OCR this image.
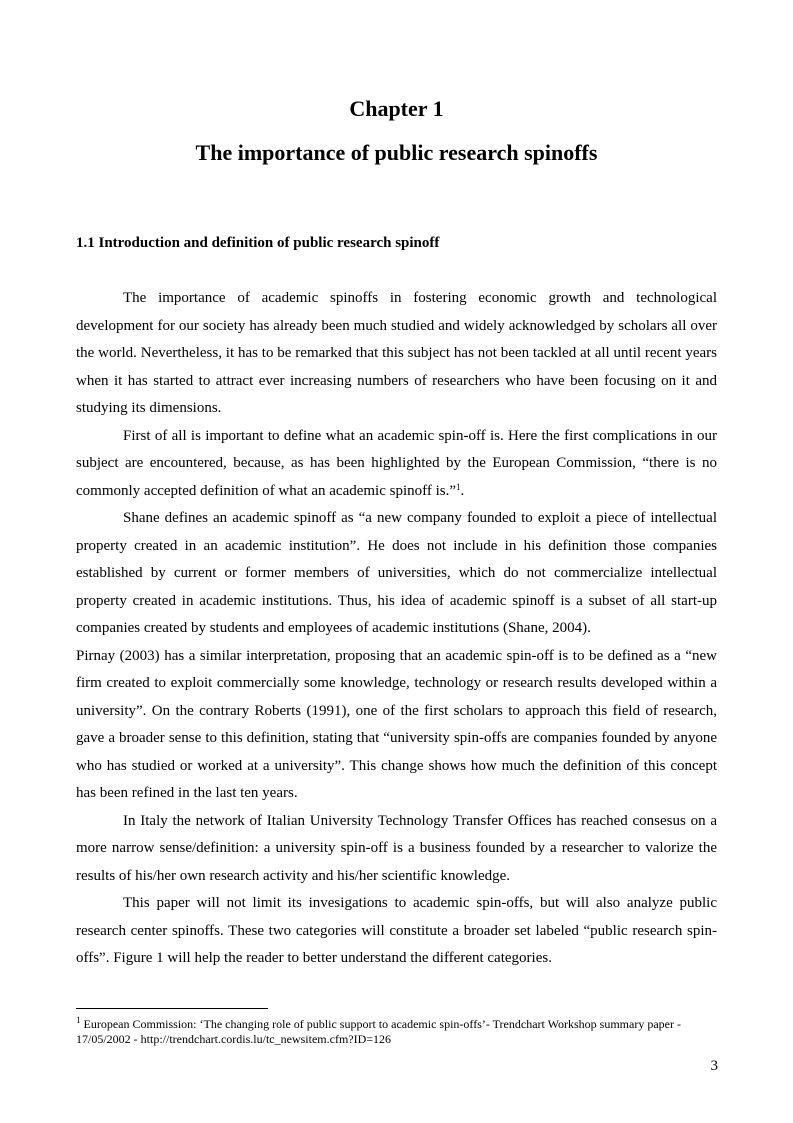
Chapter 1
The importance of public research spinoffs
1.1 Introduction and definition of public research spinoff

The importance of academic spinoffs in fostering economic growth and technological development for our society has already been much studied and widely acknowledged by scholars all over the world. Nevertheless, it has to be remarked that this subject has not been tackled at all until recent years when it has started to attract ever increasing numbers of researchers who have been focusing on it and studying its dimensions.

First of all is important to define what an academic spin-off is. Here the first complications in our subject are encountered, because, as has been highlighted by the European Commission, “there is no commonly accepted definition of what an academic spinoff is.”$^1$.

Shane defines an academic spinoff as “a new company founded to exploit a piece of intellectual property created in an academic institution”. He does not include in his definition those companies established by current or former members of universities, which do not commercialize intellectual property created in academic institutions. Thus, his idea of academic spinoff is a subset of all start-up companies created by students and employees of academic institutions (Shane, 2004).

Pirnay (2003) has a similar interpretation, proposing that an academic spin-off is to be defined as a “new firm created to exploit commercially some knowledge, technology or research results developed within a university”. On the contrary Roberts (1991), one of the first scholars to approach this field of research, gave a broader sense to this definition, stating that “university spin-offs are companies founded by anyone who has studied or worked at a university”. This change shows how much the definition of this concept has been refined in the last ten years.

In Italy the network of Italian University Technology Transfer Offices has reached consesus on a more narrow sense/definition: a university spin-off is a business founded by a researcher to valorize the results of his/her own research activity and his/her scientific knowledge.

This paper will not limit its invesigations to academic spin-offs, but will also analyze public research center spinoffs. These two categories will constitute a broader set labeled “public research spin-offs”. Figure 1 will help the reader to better understand the different categories.

$^1$ European Commission: ‘The changing role of public support to academic spin-offs’- Trendchart Workshop summary paper - 17/05/2002 - http://trendchart.cordis.lu/tc_newsitem.cfm?ID=126
3
